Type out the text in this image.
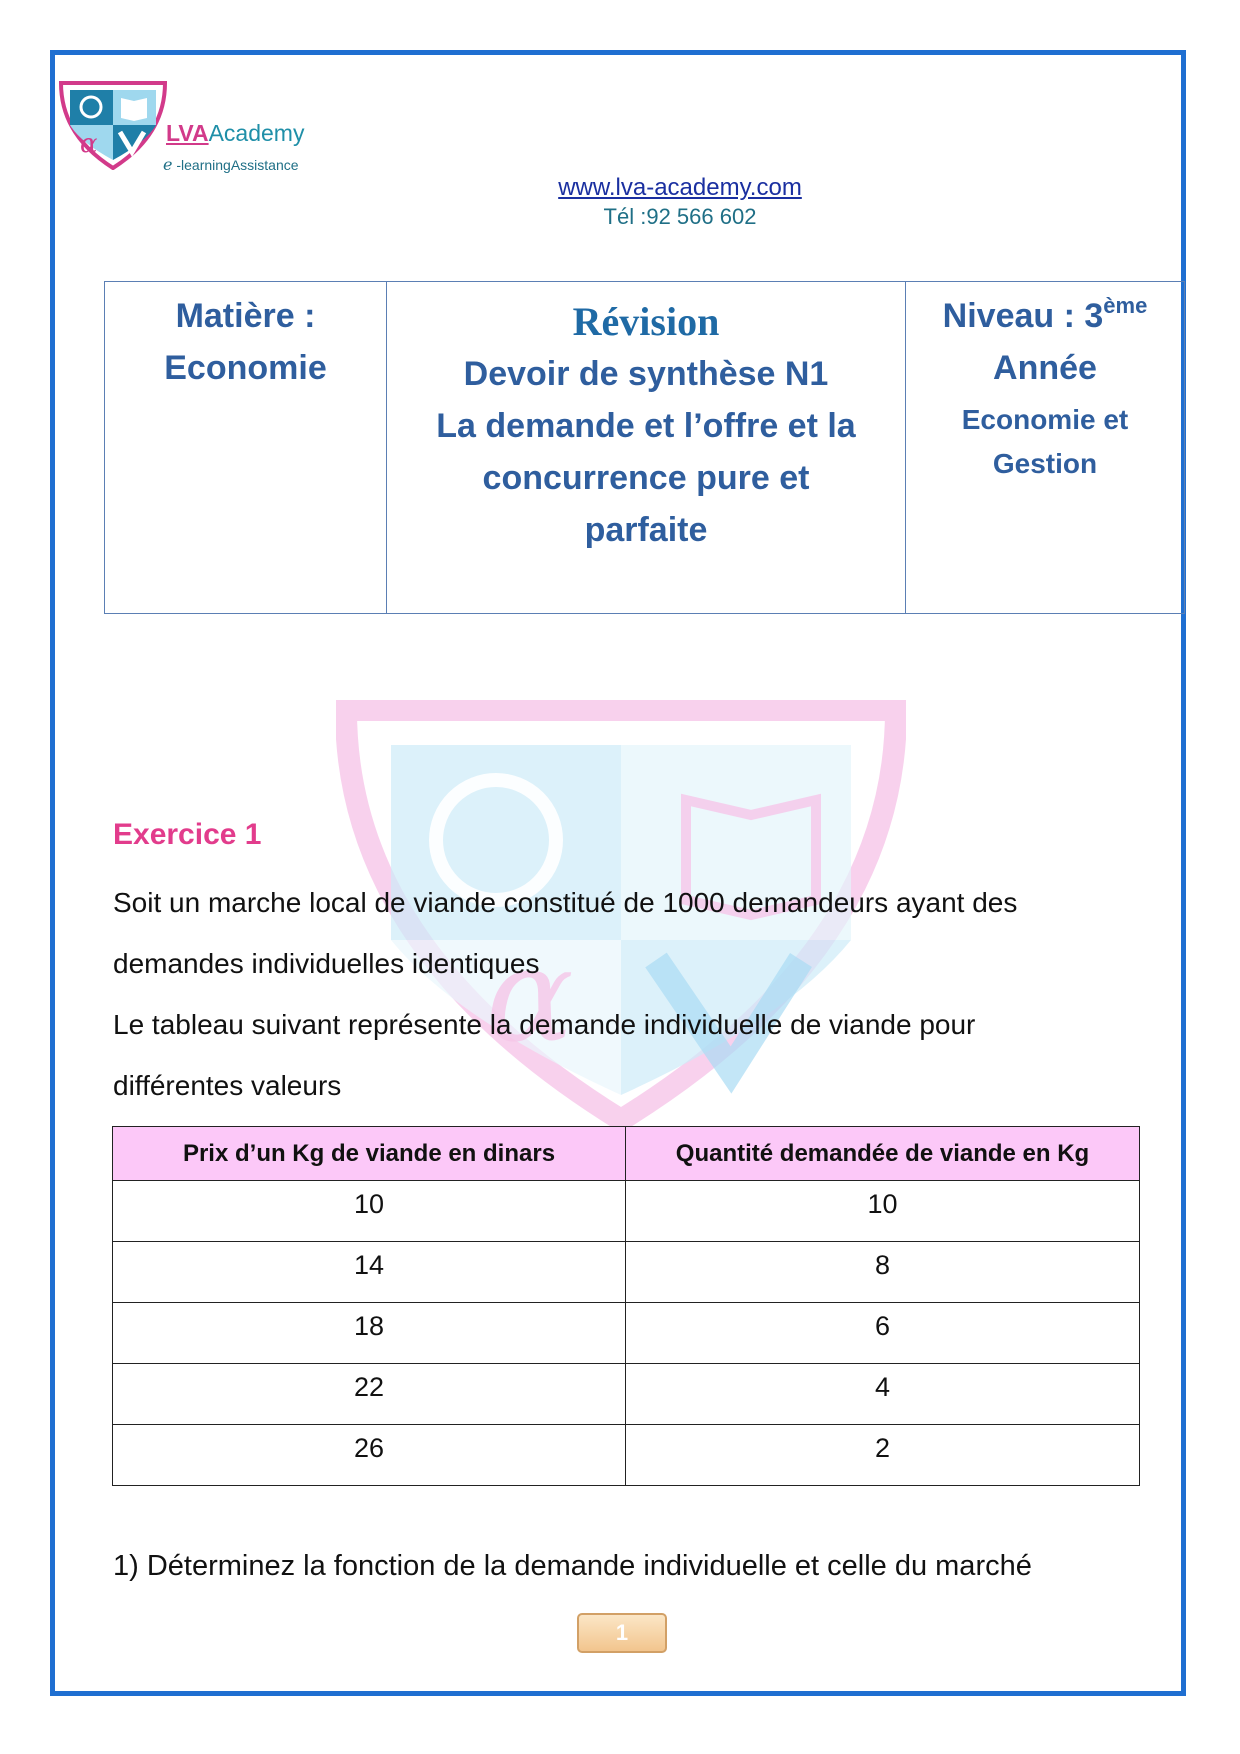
α
α	LVAAcademy
e -learningAssistance
www.lva-academy.com
Tél :92 566 602
Matière :
Economie

Révision
Devoir de synthèse N1
La demande et l’offre et la
concurrence pure et
parfaite

Niveau : 3ème
Année
Economie et
Gestion
Exercice 1
Soit un marche local de viande constitué de 1000 demandeurs ayant des
demandes individuelles identiques
Le tableau suivant représente la demande individuelle de viande pour
différentes valeurs
Prix d’un Kg de viande en dinars	Quantité demandée de viande en Kg
10	10
14	8
18	6
22	4
26	2
1) Déterminez la fonction de la demande individuelle et celle du marché
1
